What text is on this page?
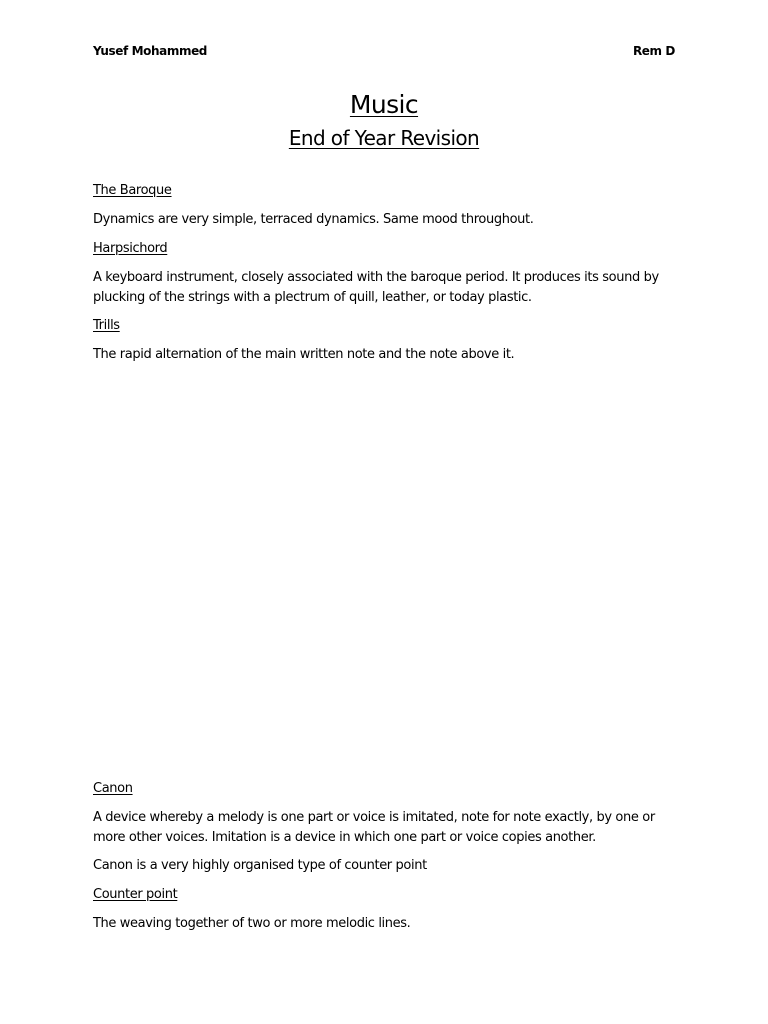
Yusef Mohammed	Rem D
Music
End of Year Revision
The Baroque
Dynamics are very simple, terraced dynamics. Same mood throughout.
Harpsichord
A keyboard instrument, closely associated with the baroque period. It produces its sound by
plucking of the strings with a plectrum of quill, leather, or today plastic.
Trills
The rapid alternation of the main written note and the note above it.
Canon
A device whereby a melody is one part or voice is imitated, note for note exactly, by one or
more other voices. Imitation is a device in which one part or voice copies another.
Canon is a very highly organised type of counter point
Counter point
The weaving together of two or more melodic lines.
